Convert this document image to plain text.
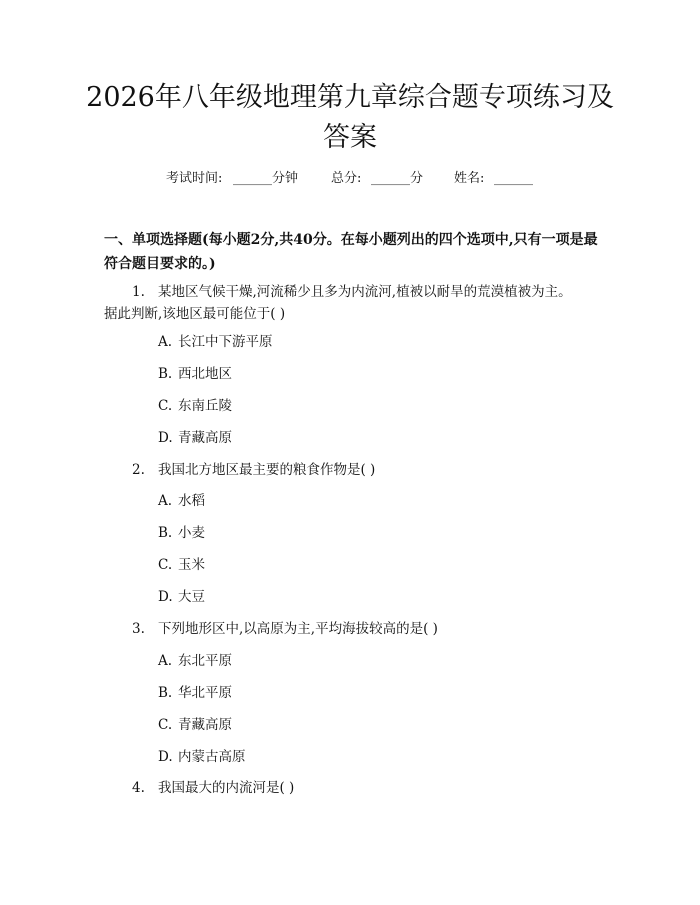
2026年八年级地理第九章综合题专项练习及答案
考试时间: ______分钟	总分: ______分 姓名: ______
一、单项选择题(每小题2分,共40分。在每小题列出的四个选项中,只有一项是最符合题目要求的。)
1. 某地区气候干燥,河流稀少且多为内流河,植被以耐旱的荒漠植被为主。
据此判断,该地区最可能位于( )
A. 长江中下游平原
B. 西北地区
C. 东南丘陵
D. 青藏高原
2. 我国北方地区最主要的粮食作物是( )
A. 水稻
B. 小麦
C. 玉米
D. 大豆
3. 下列地形区中,以高原为主,平均海拔较高的是( )
A. 东北平原
B. 华北平原
C. 青藏高原
D. 内蒙古高原
4. 我国最大的内流河是( )
